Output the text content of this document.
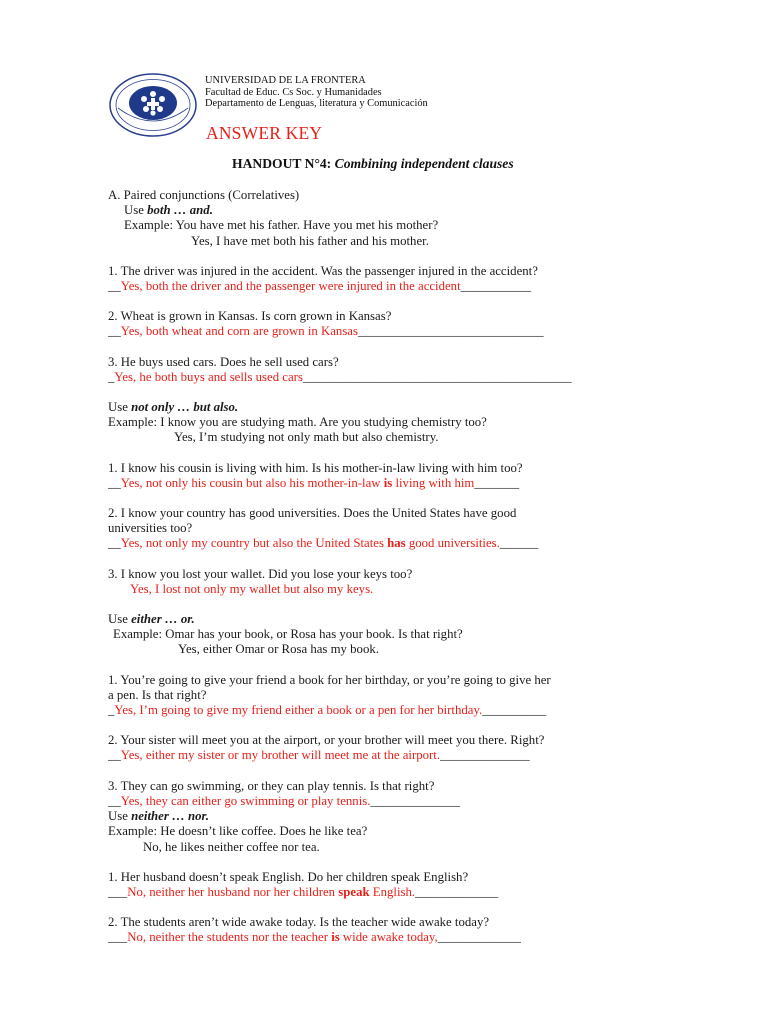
UNIVERSIDAD DE LA FRONTERA
Facultad de Educ. Cs Soc. y Humanidades
Departamento de Lenguas, literatura y Comunicación
ANSWER KEY
HANDOUT N°4: Combining independent clauses
A. Paired conjunctions (Correlatives)
Use both … and.
Example: You have met his father. Have you met his mother?
Yes, I have met both his father and his mother.
1. The driver was injured in the accident. Was the passenger injured in the accident?
__Yes, both the driver and the passenger were injured in the accident___________
2. Wheat is grown in Kansas. Is corn grown in Kansas?
__Yes, both wheat and corn are grown in Kansas_____________________________
3. He buys used cars. Does he sell used cars?
_Yes, he both buys and sells used cars__________________________________________
Use not only … but also.
Example: I know you are studying math. Are you studying chemistry too?
Yes, I’m studying not only math but also chemistry.
1. I know his cousin is living with him. Is his mother-in-law living with him too?
__Yes, not only his cousin but also his mother-in-law is living with him_______
2. I know your country has good universities. Does the United States have good
universities too?
__Yes, not only my country but also the United States has good universities.______
3. I know you lost your wallet. Did you lose your keys too?
Yes, I lost not only my wallet but also my keys.
Use either … or.
Example: Omar has your book, or Rosa has your book. Is that right?
Yes, either Omar or Rosa has my book.
1. You’re going to give your friend a book for her birthday, or you’re going to give her
a pen. Is that right?
_Yes, I’m going to give my friend either a book or a pen for her birthday.__________
2. Your sister will meet you at the airport, or your brother will meet you there. Right?
__Yes, either my sister or my brother will meet me at the airport.______________
3. They can go swimming, or they can play tennis. Is that right?
__Yes, they can either go swimming or play tennis.______________
Use neither … nor.
Example: He doesn’t like coffee. Does he like tea?
No, he likes neither coffee nor tea.
1. Her husband doesn’t speak English. Do her children speak English?
___No, neither her husband nor her children speak English._____________
2. The students aren’t wide awake today. Is the teacher wide awake today?
___No, neither the students nor the teacher is wide awake today,_____________
